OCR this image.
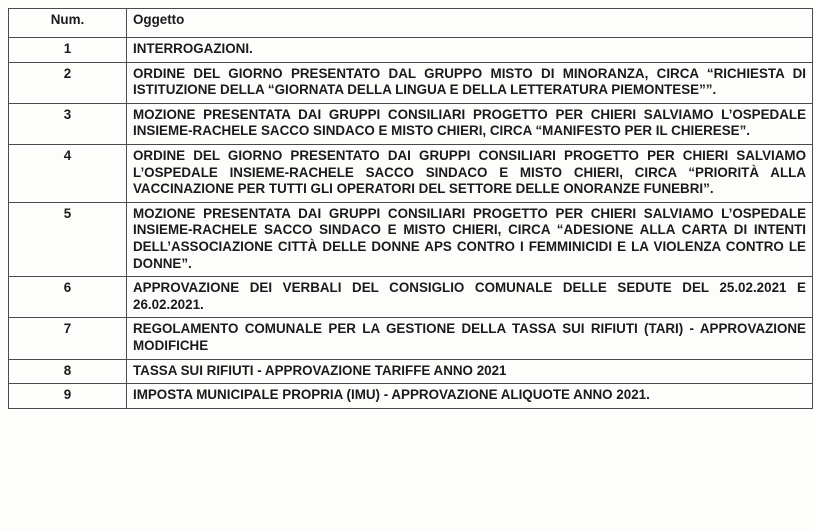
Num.	Oggetto
1	INTERROGAZIONI.
2	ORDINE DEL GIORNO PRESENTATO DAL GRUPPO MISTO DI MINORANZA, CIRCA “RICHIESTA DI ISTITUZIONE DELLA “GIORNATA DELLA LINGUA E DELLA LETTERATURA PIEMONTESE””.
3	MOZIONE PRESENTATA DAI GRUPPI CONSILIARI PROGETTO PER CHIERI SALVIAMO L’OSPEDALE INSIEME-RACHELE SACCO SINDACO E MISTO CHIERI, CIRCA “MANIFESTO PER IL CHIERESE”.
4	ORDINE DEL GIORNO PRESENTATO DAI GRUPPI CONSILIARI PROGETTO PER CHIERI SALVIAMO L’OSPEDALE INSIEME-RACHELE SACCO SINDACO E MISTO CHIERI, CIRCA “PRIORITÀ ALLA VACCINAZIONE PER TUTTI GLI OPERATORI DEL SETTORE DELLE ONORANZE FUNEBRI”.
5	MOZIONE PRESENTATA DAI GRUPPI CONSILIARI PROGETTO PER CHIERI SALVIAMO L’OSPEDALE INSIEME-RACHELE SACCO SINDACO E MISTO CHIERI, CIRCA “ADESIONE ALLA CARTA DI INTENTI DELL’ASSOCIAZIONE CITTÀ DELLE DONNE APS CONTRO I FEMMINICIDI E LA VIOLENZA CONTRO LE DONNE”.
6	APPROVAZIONE DEI VERBALI DEL CONSIGLIO COMUNALE DELLE SEDUTE DEL 25.02.2021 E 26.02.2021.
7	REGOLAMENTO COMUNALE PER LA GESTIONE DELLA TASSA SUI RIFIUTI (TARI) - APPROVAZIONE MODIFICHE
8	TASSA SUI RIFIUTI - APPROVAZIONE TARIFFE ANNO 2021
9	IMPOSTA MUNICIPALE PROPRIA (IMU) - APPROVAZIONE ALIQUOTE ANNO 2021.
